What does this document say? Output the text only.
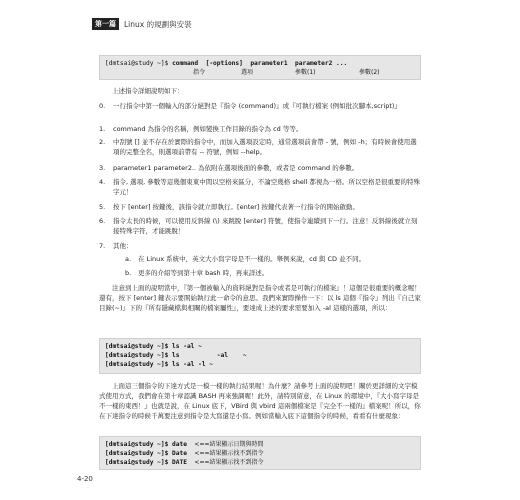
第一篇	Linux 的規劃與安裝
[dmtsai@study ~]$ command [-options] parameter1 parameter2 ...
指令	選項	參數(1)	參數(2)
上述指令詳細說明如下：
0.	一行指令中第一個輸入的部分絕對是『指令 (command)』或『可執行檔案 (例如批次腳本,script)』
1.	command 為指令的名稱，例如變換工作目錄的指令為 cd 等等。
2.	中刮號 [] 並不存在於實際的指令中，而加入選項設定時，通常選項前會帶 - 號，例如 -h；有時候會使用選項的完整全名，則選項前帶有 -- 符號，例如 --help。
3.	parameter1 parameter2.. 為依附在選項後面的參數，或者是 command 的參數。
4.	指令, 選項, 參數等這幾個東東中間以空格來區分，不論空幾格 shell 都視為一格。所以空格是很重要的特殊字元！
5.	按下 [enter] 按鍵後，該指令就立即執行。[enter] 按鍵代表著一行指令的開始啟動。
6.	指令太長的時候，可以使用反斜線 (\) 來跳脫 [enter] 符號，使指令連續到下一行。注意！反斜線後就立刻接特殊字符，才能跳脫！
7.	其他：
a.	在 Linux 系統中，英文大小寫字母是不一樣的。舉例來說，cd 與 CD 並不同。
b.	更多的介紹等到第十章 bash 時，再來詳述。
注意到上面的說明當中，『第一個被輸入的資料絕對是指令或者是可執行的檔案』！這個是很重要的概念喔！還有，按下 [enter] 鍵表示要開始執行此一命令的意思。我們來實際操作一下：以 ls 這個『指令』列出『自己家目錄(~)』下的『所有隱藏檔與相關的檔案屬性』，要達成上述的要求需要加入 -al 這樣的選項，所以：
[dmtsai@study ~]$ ls -al ~
[dmtsai@study ~]$ ls          -al    ~
[dmtsai@study ~]$ ls -al -l ~
上面這三個指令的下達方式是一模一樣的執行結果喔！為什麼？請參考上面的說明吧！關於更詳細的文字模式使用方式，我們會在第十章認識 BASH 再來強調喔！此外，請特別留意，在 Linux 的環境中，『大小寫字母是不一樣的東西！』也就是說，在 Linux 底下，VBird 與 vbird 這兩個檔案是『完全不一樣的』檔案呢！所以，你在下達指令的時候千萬要注意到指令是大寫還是小寫。例如當輸入底下這個指令的時候，看看有什麼現象：
[dmtsai@study ~]$ date <==結果顯示日期與時間
[dmtsai@study ~]$ Date <==結果顯示找不到指令
[dmtsai@study ~]$ DATE <==結果顯示找不到指令
4-20
